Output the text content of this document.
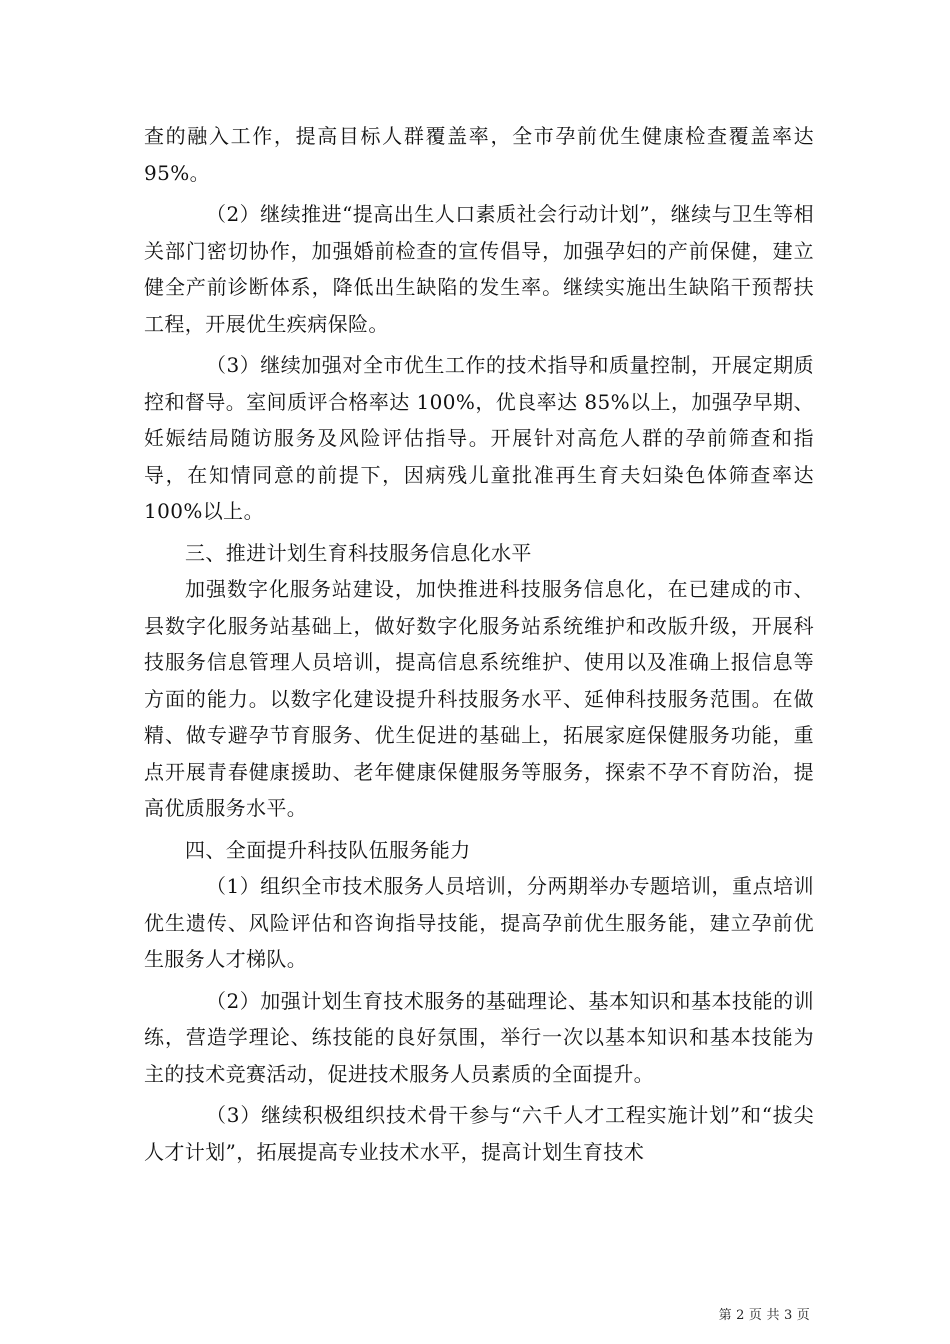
查的融入工作，提高目标人群覆盖率，全市孕前优生健康检查覆盖率达 95%。

（2）继续推进“提高出生人口素质社会行动计划”，继续与卫生等相关部门密切协作，加强婚前检查的宣传倡导，加强孕妇的产前保健，建立健全产前诊断体系，降低出生缺陷的发生率。继续实施出生缺陷干预帮扶工程，开展优生疾病保险。

（3）继续加强对全市优生工作的技术指导和质量控制，开展定期质控和督导。室间质评合格率达 100%，优良率达 85%以上，加强孕早期、妊娠结局随访服务及风险评估指导。开展针对高危人群的孕前筛查和指导，在知情同意的前提下，因病残儿童批准再生育夫妇染色体筛查率达 100%以上。

三、推进计划生育科技服务信息化水平

加强数字化服务站建设，加快推进科技服务信息化，在已建成的市、县数字化服务站基础上，做好数字化服务站系统维护和改版升级，开展科技服务信息管理人员培训，提高信息系统维护、使用以及准确上报信息等方面的能力。以数字化建设提升科技服务水平、延伸科技服务范围。在做精、做专避孕节育服务、优生促进的基础上，拓展家庭保健服务功能，重点开展青春健康援助、老年健康保健服务等服务，探索不孕不育防治，提高优质服务水平。

四、全面提升科技队伍服务能力

（1）组织全市技术服务人员培训，分两期举办专题培训，重点培训优生遗传、风险评估和咨询指导技能，提高孕前优生服务能，建立孕前优生服务人才梯队。

（2）加强计划生育技术服务的基础理论、基本知识和基本技能的训练，营造学理论、练技能的良好氛围，举行一次以基本知识和基本技能为主的技术竞赛活动，促进技术服务人员素质的全面提升。

（3）继续积极组织技术骨干参与“六千人才工程实施计划”和“拔尖人才计划”，拓展提高专业技术水平，提高计划生育技术

第 2 页 共 3 页
